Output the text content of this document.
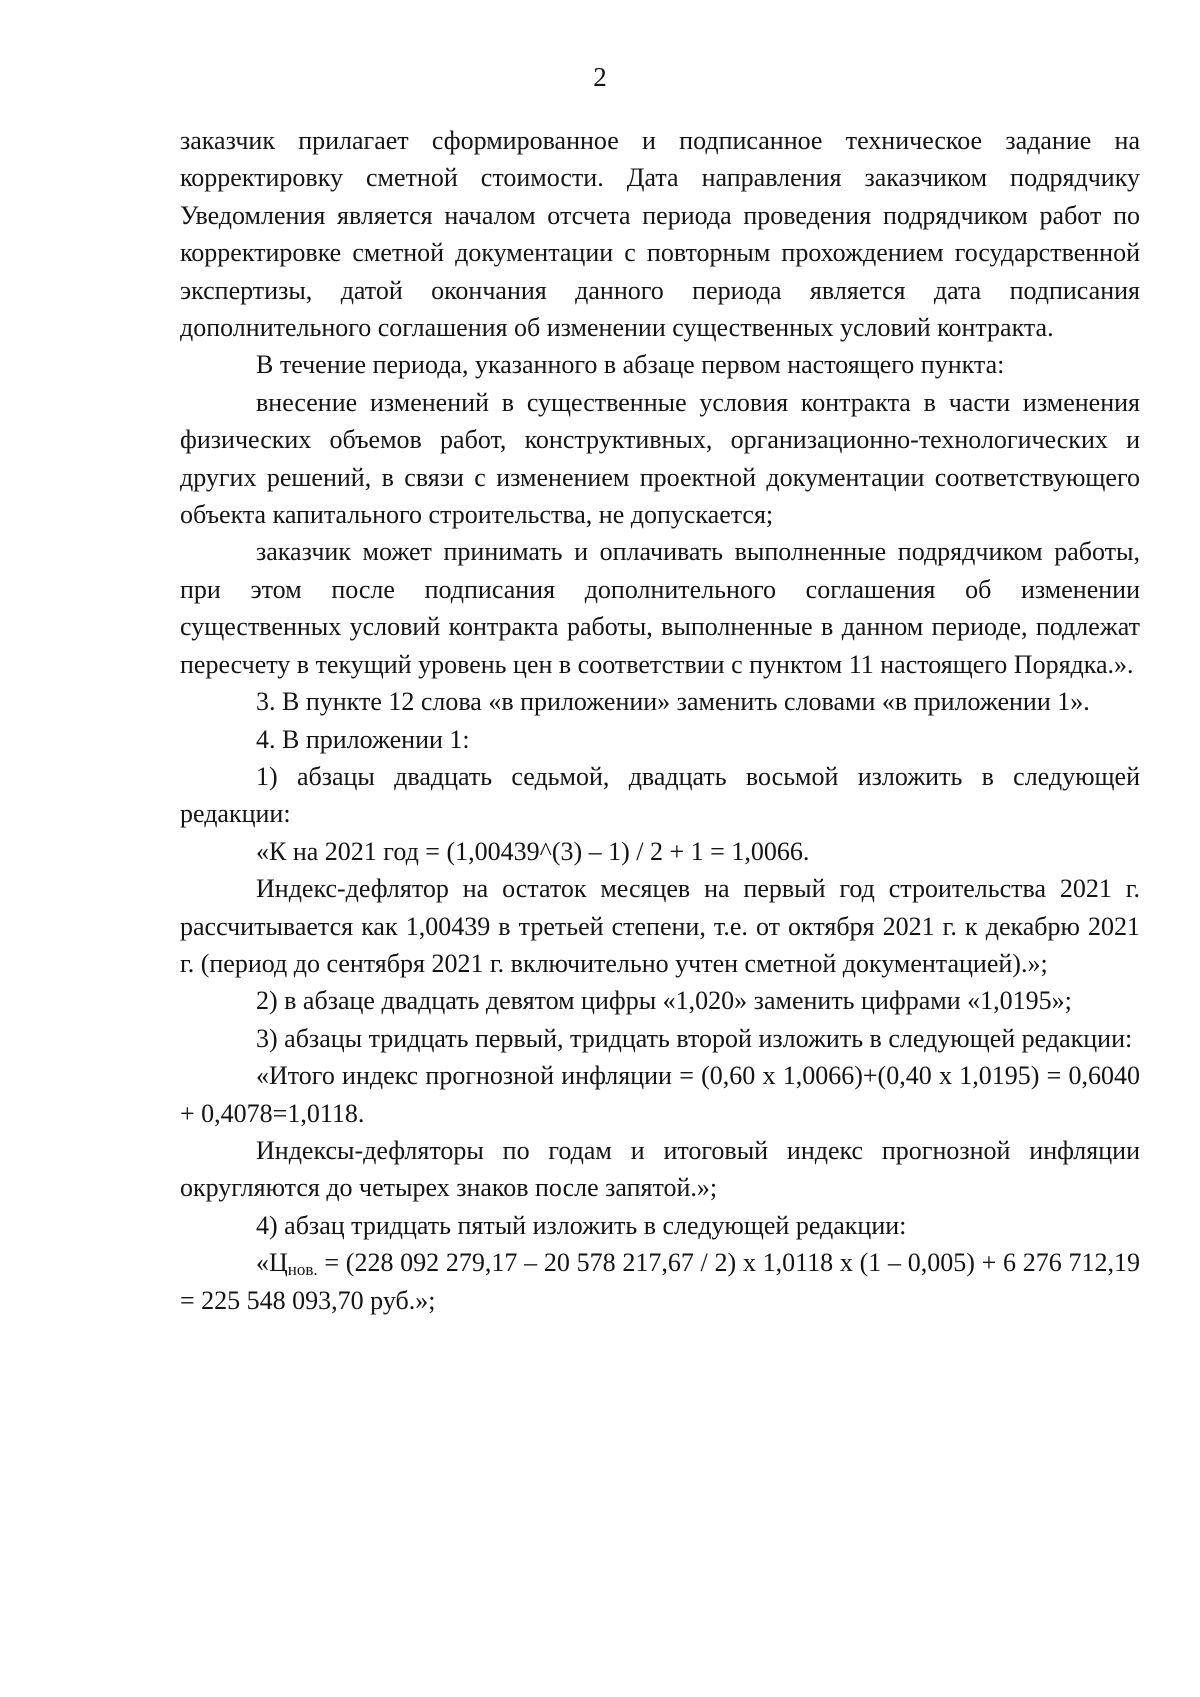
2

заказчик прилагает сформированное и подписанное техническое задание на корректировку сметной стоимости. Дата направления заказчиком подрядчику Уведомления является началом отсчета периода проведения подрядчиком работ по корректировке сметной документации с повторным прохождением государственной экспертизы, датой окончания данного периода является дата подписания дополнительного соглашения об изменении существенных условий контракта.

В течение периода, указанного в абзаце первом настоящего пункта:

внесение изменений в существенные условия контракта в части изменения физических объемов работ, конструктивных, организационно-технологических и других решений, в связи с изменением проектной документации соответствующего объекта капитального строительства, не допускается;

заказчик может принимать и оплачивать выполненные подрядчиком работы, при этом после подписания дополнительного соглашения об изменении существенных условий контракта работы, выполненные в данном периоде, подлежат пересчету в текущий уровень цен в соответствии с пунктом 11 настоящего Порядка.».

3. В пункте 12 слова «в приложении» заменить словами «в приложении 1».

4. В приложении 1:

1) абзацы двадцать седьмой, двадцать восьмой изложить в следующей редакции:

«К на 2021 год = (1,00439^(3) – 1) / 2 + 1 = 1,0066.

Индекс-дефлятор на остаток месяцев на первый год строительства 2021 г. рассчитывается как 1,00439 в третьей степени, т.е. от октября 2021 г. к декабрю 2021 г. (период до сентября 2021 г. включительно учтен сметной документацией).»;

2) в абзаце двадцать девятом цифры «1,020» заменить цифрами «1,0195»;

3) абзацы тридцать первый, тридцать второй изложить в следующей редакции:

«Итого индекс прогнозной инфляции = (0,60 х 1,0066)+(0,40 х 1,0195) = 0,6040 + 0,4078=1,0118.

Индексы-дефляторы по годам и итоговый индекс прогнозной инфляции округляются до четырех знаков после запятой.»;

4) абзац тридцать пятый изложить в следующей редакции:

«$Ц_{нов.} = (228$ 092 279,17 – 20 578 217,67 / 2) х 1,0118 х (1 – 0,005) + 6 276 712,19 = 225 548 093,70 руб.»;
